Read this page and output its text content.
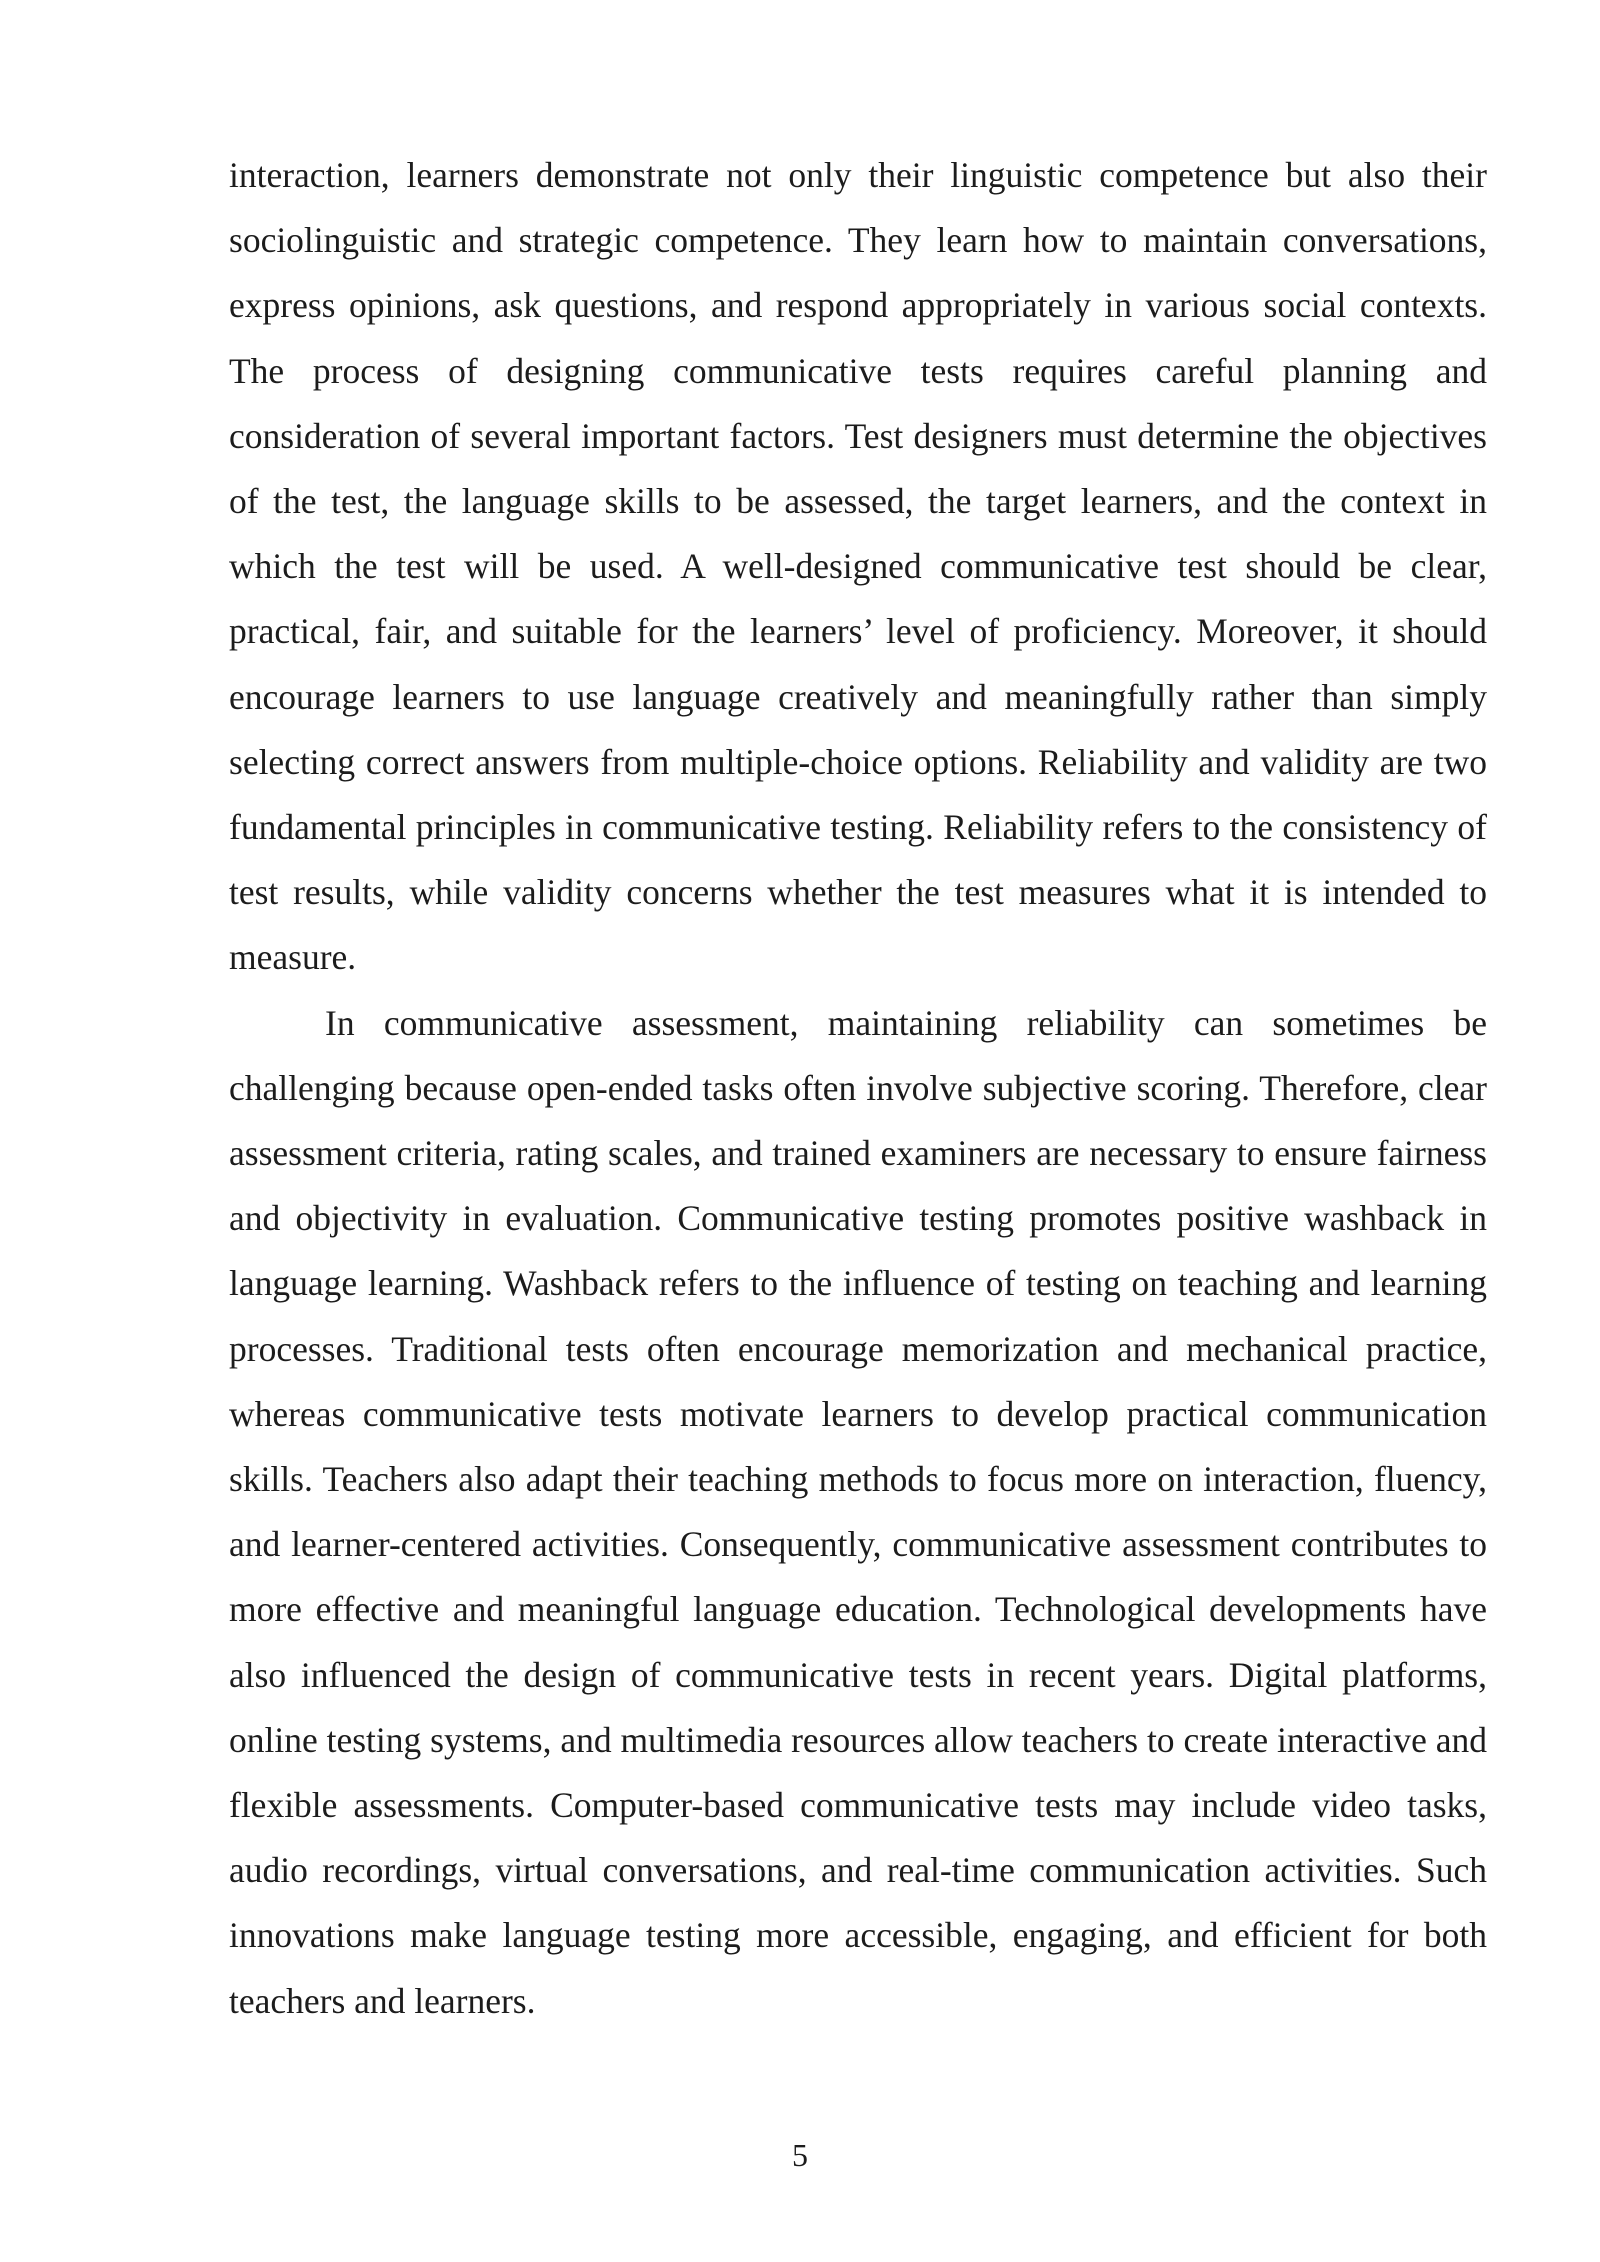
interaction, learners demonstrate not only their linguistic competence but also their sociolinguistic and strategic competence. They learn how to maintain conversations, express opinions, ask questions, and respond appropriately in various social contexts. The process of designing communicative tests requires careful planning and consideration of several important factors. Test designers must determine the objectives of the test, the language skills to be assessed, the target learners, and the context in which the test will be used. A well-designed communicative test should be clear, practical, fair, and suitable for the learners’ level of proficiency. Moreover, it should encourage learners to use language creatively and meaningfully rather than simply selecting correct answers from multiple-choice options. Reliability and validity are two fundamental principles in communicative testing. Reliability refers to the consistency of test results, while validity concerns whether the test measures what it is intended to measure.

In communicative assessment, maintaining reliability can sometimes be challenging because open-ended tasks often involve subjective scoring. Therefore, clear assessment criteria, rating scales, and trained examiners are necessary to ensure fairness and objectivity in evaluation. Communicative testing promotes positive washback in language learning. Washback refers to the influence of testing on teaching and learning processes. Traditional tests often encourage memorization and mechanical practice, whereas communicative tests motivate learners to develop practical communication skills. Teachers also adapt their teaching methods to focus more on interaction, fluency, and learner-centered activities. Consequently, communicative assessment contributes to more effective and meaningful language education. Technological developments have also influenced the design of communicative tests in recent years. Digital platforms, online testing systems, and multimedia resources allow teachers to create interactive and flexible assessments. Computer-based communicative tests may include video tasks, audio recordings, virtual conversations, and real-time communication activities. Such innovations make language testing more accessible, engaging, and efficient for both teachers and learners.

5
